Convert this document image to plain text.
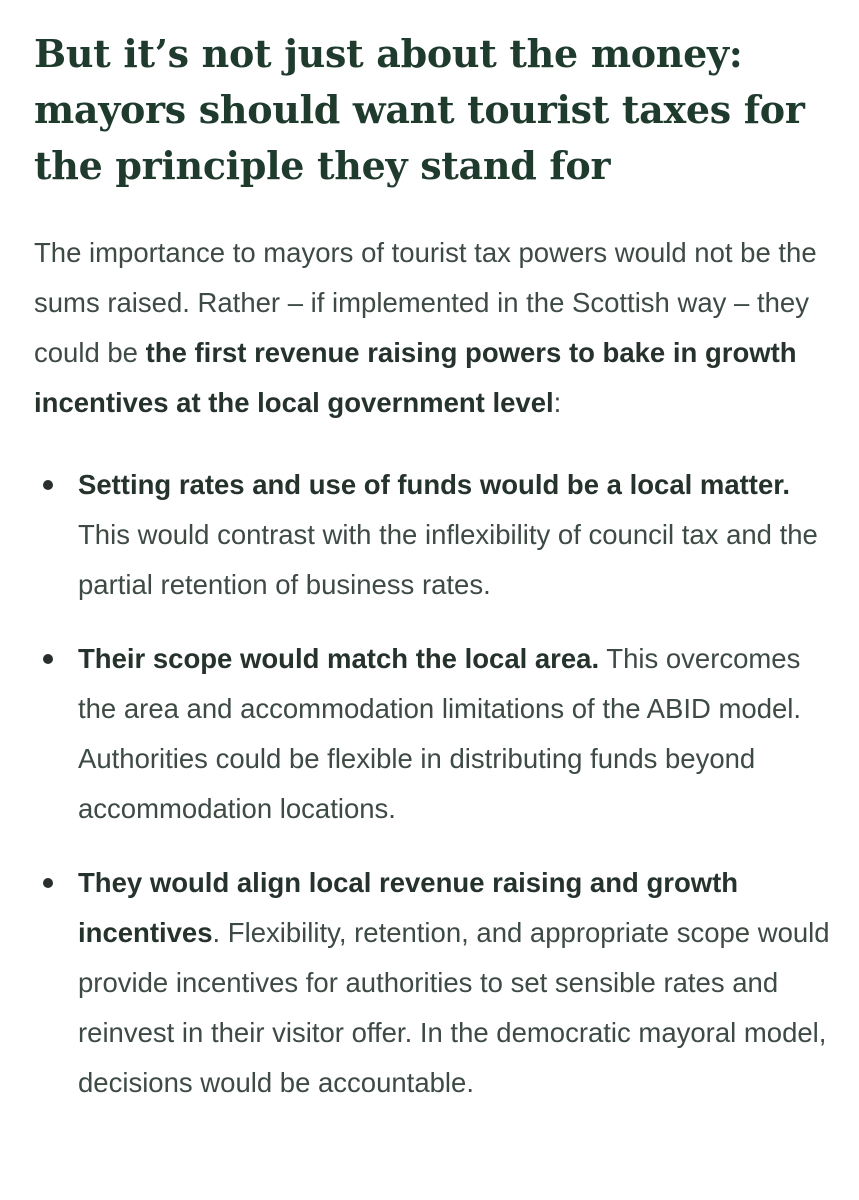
But it’s not just about the money: mayors should want tourist taxes for the principle they stand for

The importance to mayors of tourist tax powers would not be the sums raised. Rather – if implemented in the Scottish way – they could be the first revenue raising powers to bake in growth incentives at the local government level:

Setting rates and use of funds would be a local matter. This would contrast with the inflexibility of council tax and the partial retention of business rates.
Their scope would match the local area. This overcomes the area and accommodation limitations of the ABID model. Authorities could be flexible in distributing funds beyond accommodation locations.
They would align local revenue raising and growth incentives. Flexibility, retention, and appropriate scope would provide incentives for authorities to set sensible rates and reinvest in their visitor offer. In the democratic mayoral model, decisions would be accountable.
